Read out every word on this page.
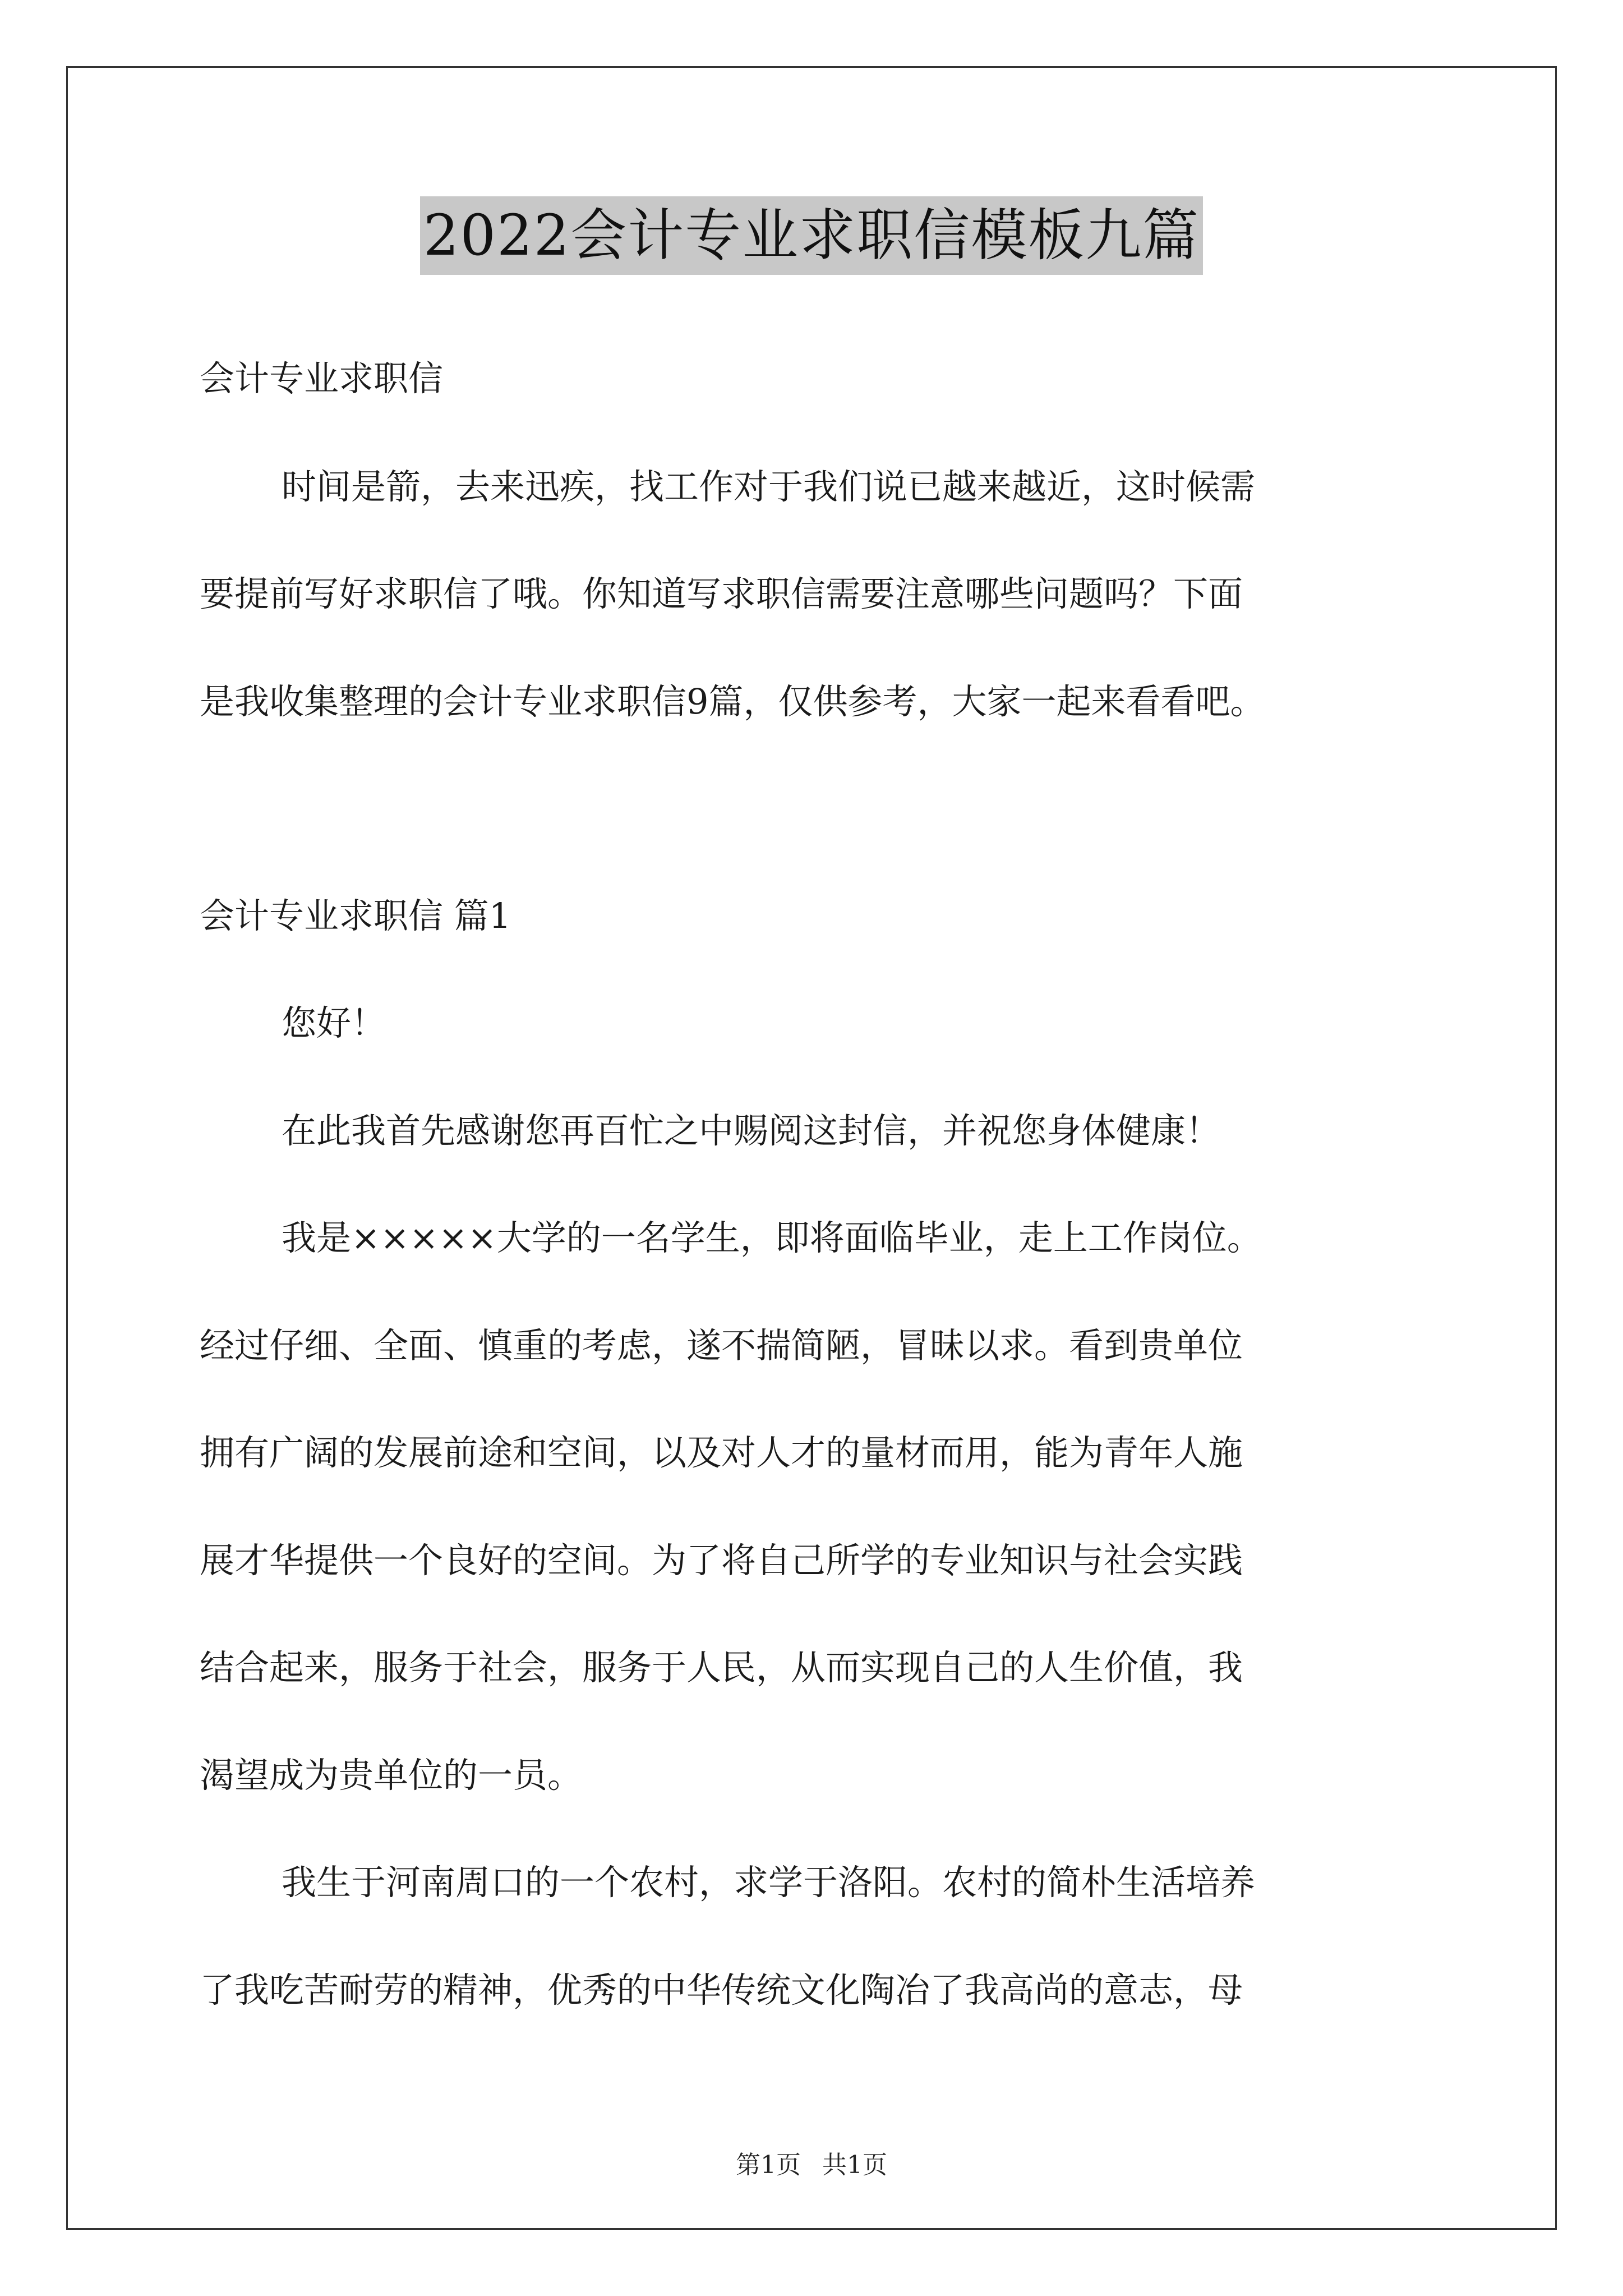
2022会计专业求职信模板九篇
会计专业求职信
时间是箭，去来迅疾，找工作对于我们说已越来越近，这时候需
要提前写好求职信了哦。你知道写求职信需要注意哪些问题吗？下面
是我收集整理的会计专业求职信9篇，仅供参考，大家一起来看看吧。
会计专业求职信 篇1
您好！
在此我首先感谢您再百忙之中赐阅这封信，并祝您身体健康！
我是×××××大学的一名学生，即将面临毕业，走上工作岗位。
经过仔细、全面、慎重的考虑，遂不揣简陋，冒昧以求。看到贵单位
拥有广阔的发展前途和空间，以及对人才的量材而用，能为青年人施
展才华提供一个良好的空间。为了将自己所学的专业知识与社会实践
结合起来，服务于社会，服务于人民，从而实现自己的人生价值，我
渴望成为贵单位的一员。
我生于河南周口的一个农村，求学于洛阳。农村的简朴生活培养
了我吃苦耐劳的精神，优秀的中华传统文化陶冶了我高尚的意志，母
第1页 共1页
